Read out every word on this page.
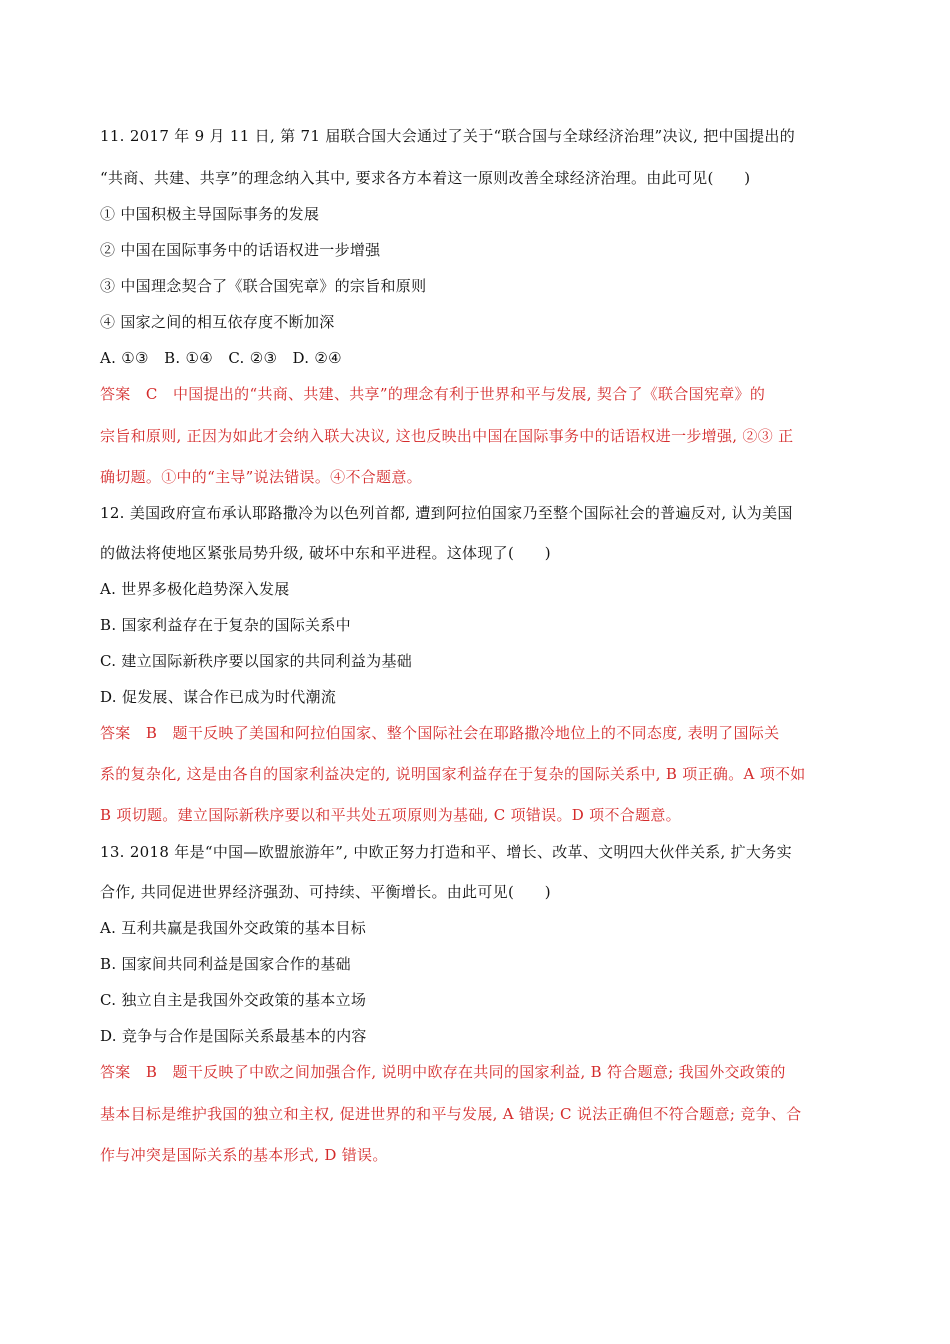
11. 2017 年 9 月 11 日, 第 71 届联合国大会通过了关于“联合国与全球经济治理”决议, 把中国提出的
“共商、共建、共享”的理念纳入其中, 要求各方本着这一原则改善全球经济治理。由此可见(　　)
① 中国积极主导国际事务的发展
② 中国在国际事务中的话语权进一步增强
③ 中国理念契合了《联合国宪章》的宗旨和原则
④ 国家之间的相互依存度不断加深
A. ①③　B. ①④　C. ②③　D. ②④
答案　C　中国提出的“共商、共建、共享”的理念有利于世界和平与发展, 契合了《联合国宪章》的
宗旨和原则, 正因为如此才会纳入联大决议, 这也反映出中国在国际事务中的话语权进一步增强, ②③ 正
确切题。①中的“主导”说法错误。④不合题意。
12. 美国政府宣布承认耶路撒冷为以色列首都, 遭到阿拉伯国家乃至整个国际社会的普遍反对, 认为美国
的做法将使地区紧张局势升级, 破坏中东和平进程。这体现了(　　)
A. 世界多极化趋势深入发展
B. 国家利益存在于复杂的国际关系中
C. 建立国际新秩序要以国家的共同利益为基础
D. 促发展、谋合作已成为时代潮流
答案　B　题干反映了美国和阿拉伯国家、整个国际社会在耶路撒冷地位上的不同态度, 表明了国际关
系的复杂化, 这是由各自的国家利益决定的, 说明国家利益存在于复杂的国际关系中, B 项正确。A 项不如
B 项切题。建立国际新秩序要以和平共处五项原则为基础, C 项错误。D 项不合题意。
13. 2018 年是“中国—欧盟旅游年”, 中欧正努力打造和平、增长、改革、文明四大伙伴关系, 扩大务实
合作, 共同促进世界经济强劲、可持续、平衡增长。由此可见(　　)
A. 互利共赢是我国外交政策的基本目标
B. 国家间共同利益是国家合作的基础
C. 独立自主是我国外交政策的基本立场
D. 竞争与合作是国际关系最基本的内容
答案　B　题干反映了中欧之间加强合作, 说明中欧存在共同的国家利益, B 符合题意; 我国外交政策的
基本目标是维护我国的独立和主权, 促进世界的和平与发展, A 错误; C 说法正确但不符合题意; 竞争、合
作与冲突是国际关系的基本形式, D 错误。
